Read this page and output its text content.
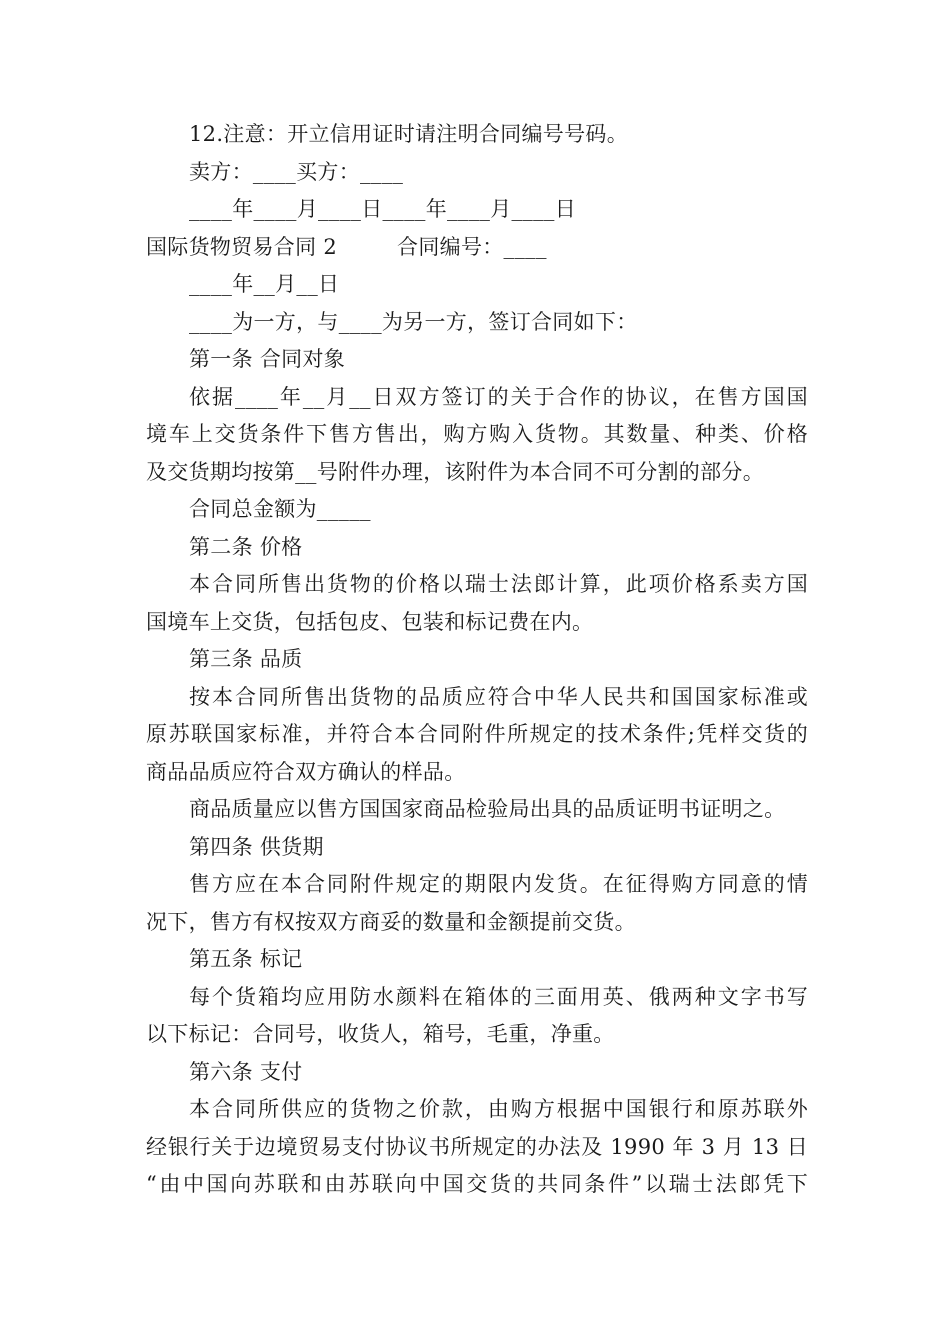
12.注意：开立信用证时请注明合同编号号码。
卖方：____买方：____
____年____月____日____年____月____日
国际货物贸易合同 2	合同编号：____
____年__月__日
____为一方，与____为另一方，签订合同如下：
第一条 合同对象
依据____年__月__日双方签订的关于合作的协议，在售方国国
境车上交货条件下售方售出，购方购入货物。其数量、种类、价格
及交货期均按第__号附件办理，该附件为本合同不可分割的部分。
合同总金额为_____
第二条 价格
本合同所售出货物的价格以瑞士法郎计算，此项价格系卖方国
国境车上交货，包括包皮、包装和标记费在内。
第三条 品质
按本合同所售出货物的品质应符合中华人民共和国国家标准或
原苏联国家标准，并符合本合同附件所规定的技术条件;凭样交货的
商品品质应符合双方确认的样品。
商品质量应以售方国国家商品检验局出具的品质证明书证明之。
第四条 供货期
售方应在本合同附件规定的期限内发货。在征得购方同意的情
况下，售方有权按双方商妥的数量和金额提前交货。
第五条 标记
每个货箱均应用防水颜料在箱体的三面用英、俄两种文字书写
以下标记：合同号，收货人，箱号，毛重，净重。
第六条 支付
本合同所供应的货物之价款，由购方根据中国银行和原苏联外
经银行关于边境贸易支付协议书所规定的办法及 1990 年 3 月 13 日
“由中国向苏联和由苏联向中国交货的共同条件”以瑞士法郎凭下
